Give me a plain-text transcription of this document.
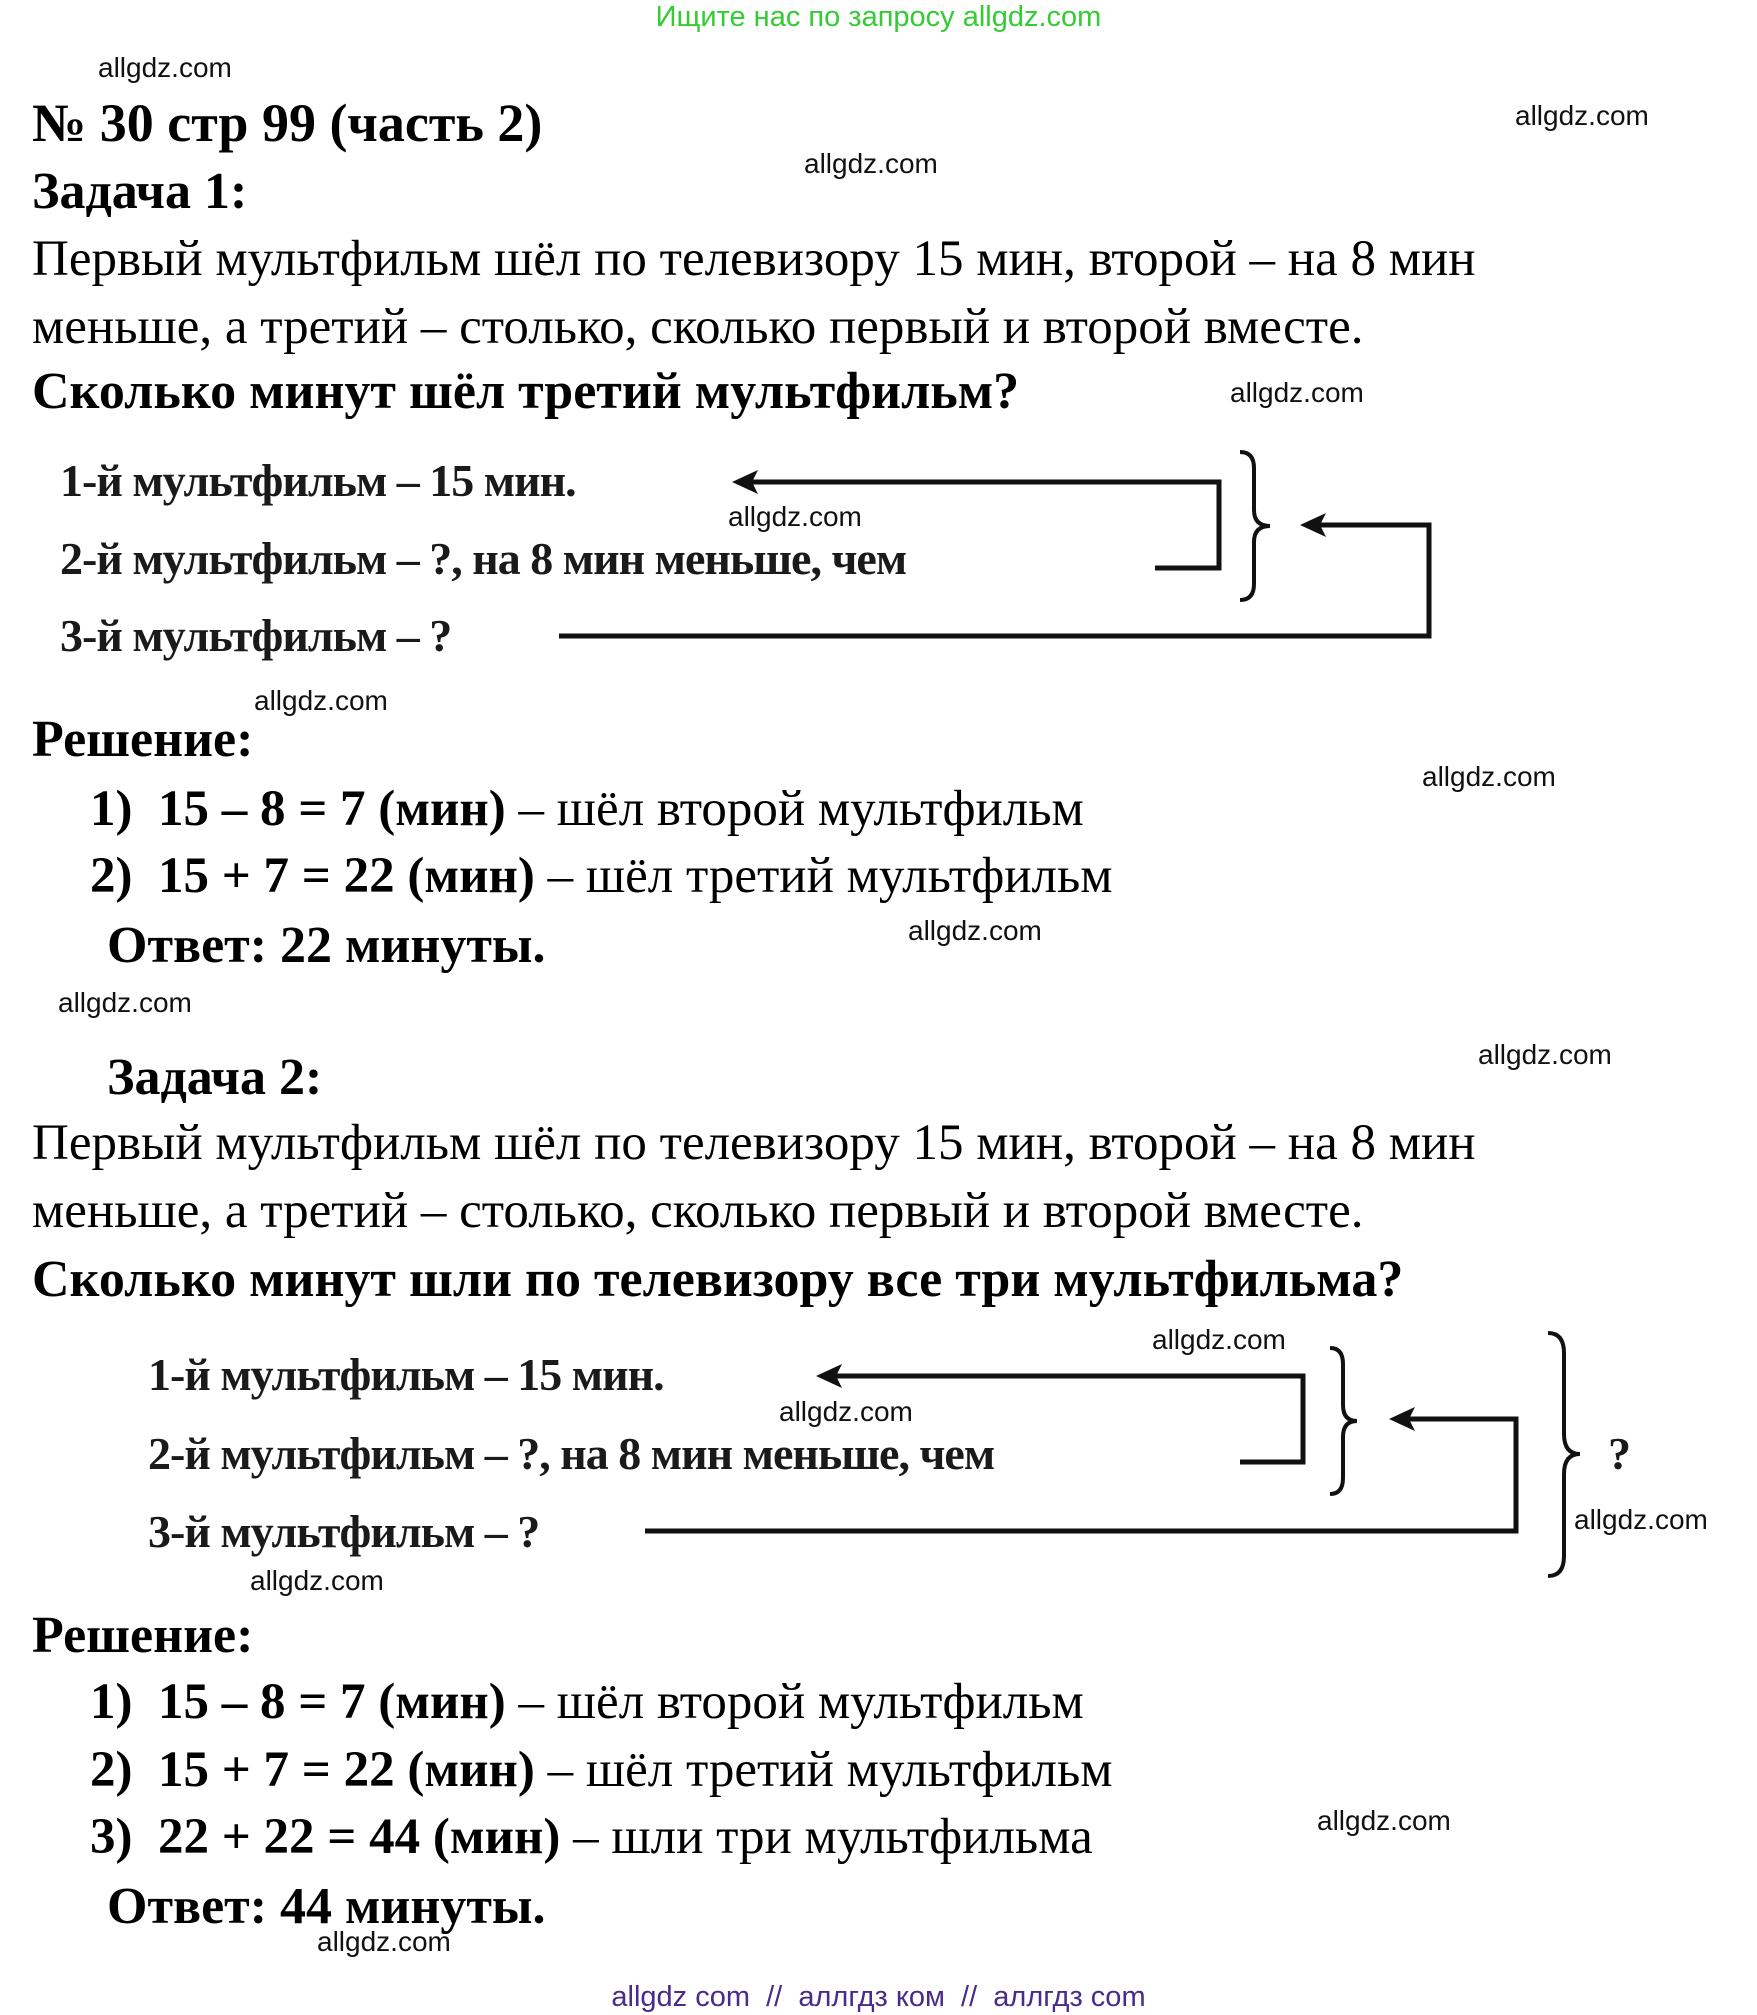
Ищите нас по запросу allgdz.com
allgdz.com
allgdz.com
allgdz.com
allgdz.com
allgdz.com
allgdz.com
allgdz.com
allgdz.com
allgdz.com
allgdz.com
allgdz.com
allgdz.com
allgdz.com
allgdz.com
allgdz.com
allgdz.com
№ 30 стр 99 (часть 2)
Задача 1:
Первый мультфильм шёл по телевизору 15 мин, второй – на 8 мин
меньше, а третий – столько, сколько первый и второй вместе.
Сколько минут шёл третий мультфильм?
1-й мультфильм – 15 мин.
2-й мультфильм – ?, на 8 мин меньше, чем
3-й мультфильм – ?
Решение:
1) 15 – 8 = 7 (мин) – шёл второй мультфильм
2) 15 + 7 = 22 (мин) – шёл третий мультфильм
Ответ: 22 минуты.
Задача 2:
Первый мультфильм шёл по телевизору 15 мин, второй – на 8 мин
меньше, а третий – столько, сколько первый и второй вместе.
Сколько минут шли по телевизору все три мультфильма?
1-й мультфильм – 15 мин.
2-й мультфильм – ?, на 8 мин меньше, чем
3-й мультфильм – ?
?
Решение:
1) 15 – 8 = 7 (мин) – шёл второй мультфильм
2) 15 + 7 = 22 (мин) – шёл третий мультфильм
3) 22 + 22 = 44 (мин) – шли три мультфильма
Ответ: 44 минуты.
allgdz com  //  аллгдз ком  //  аллгдз com
